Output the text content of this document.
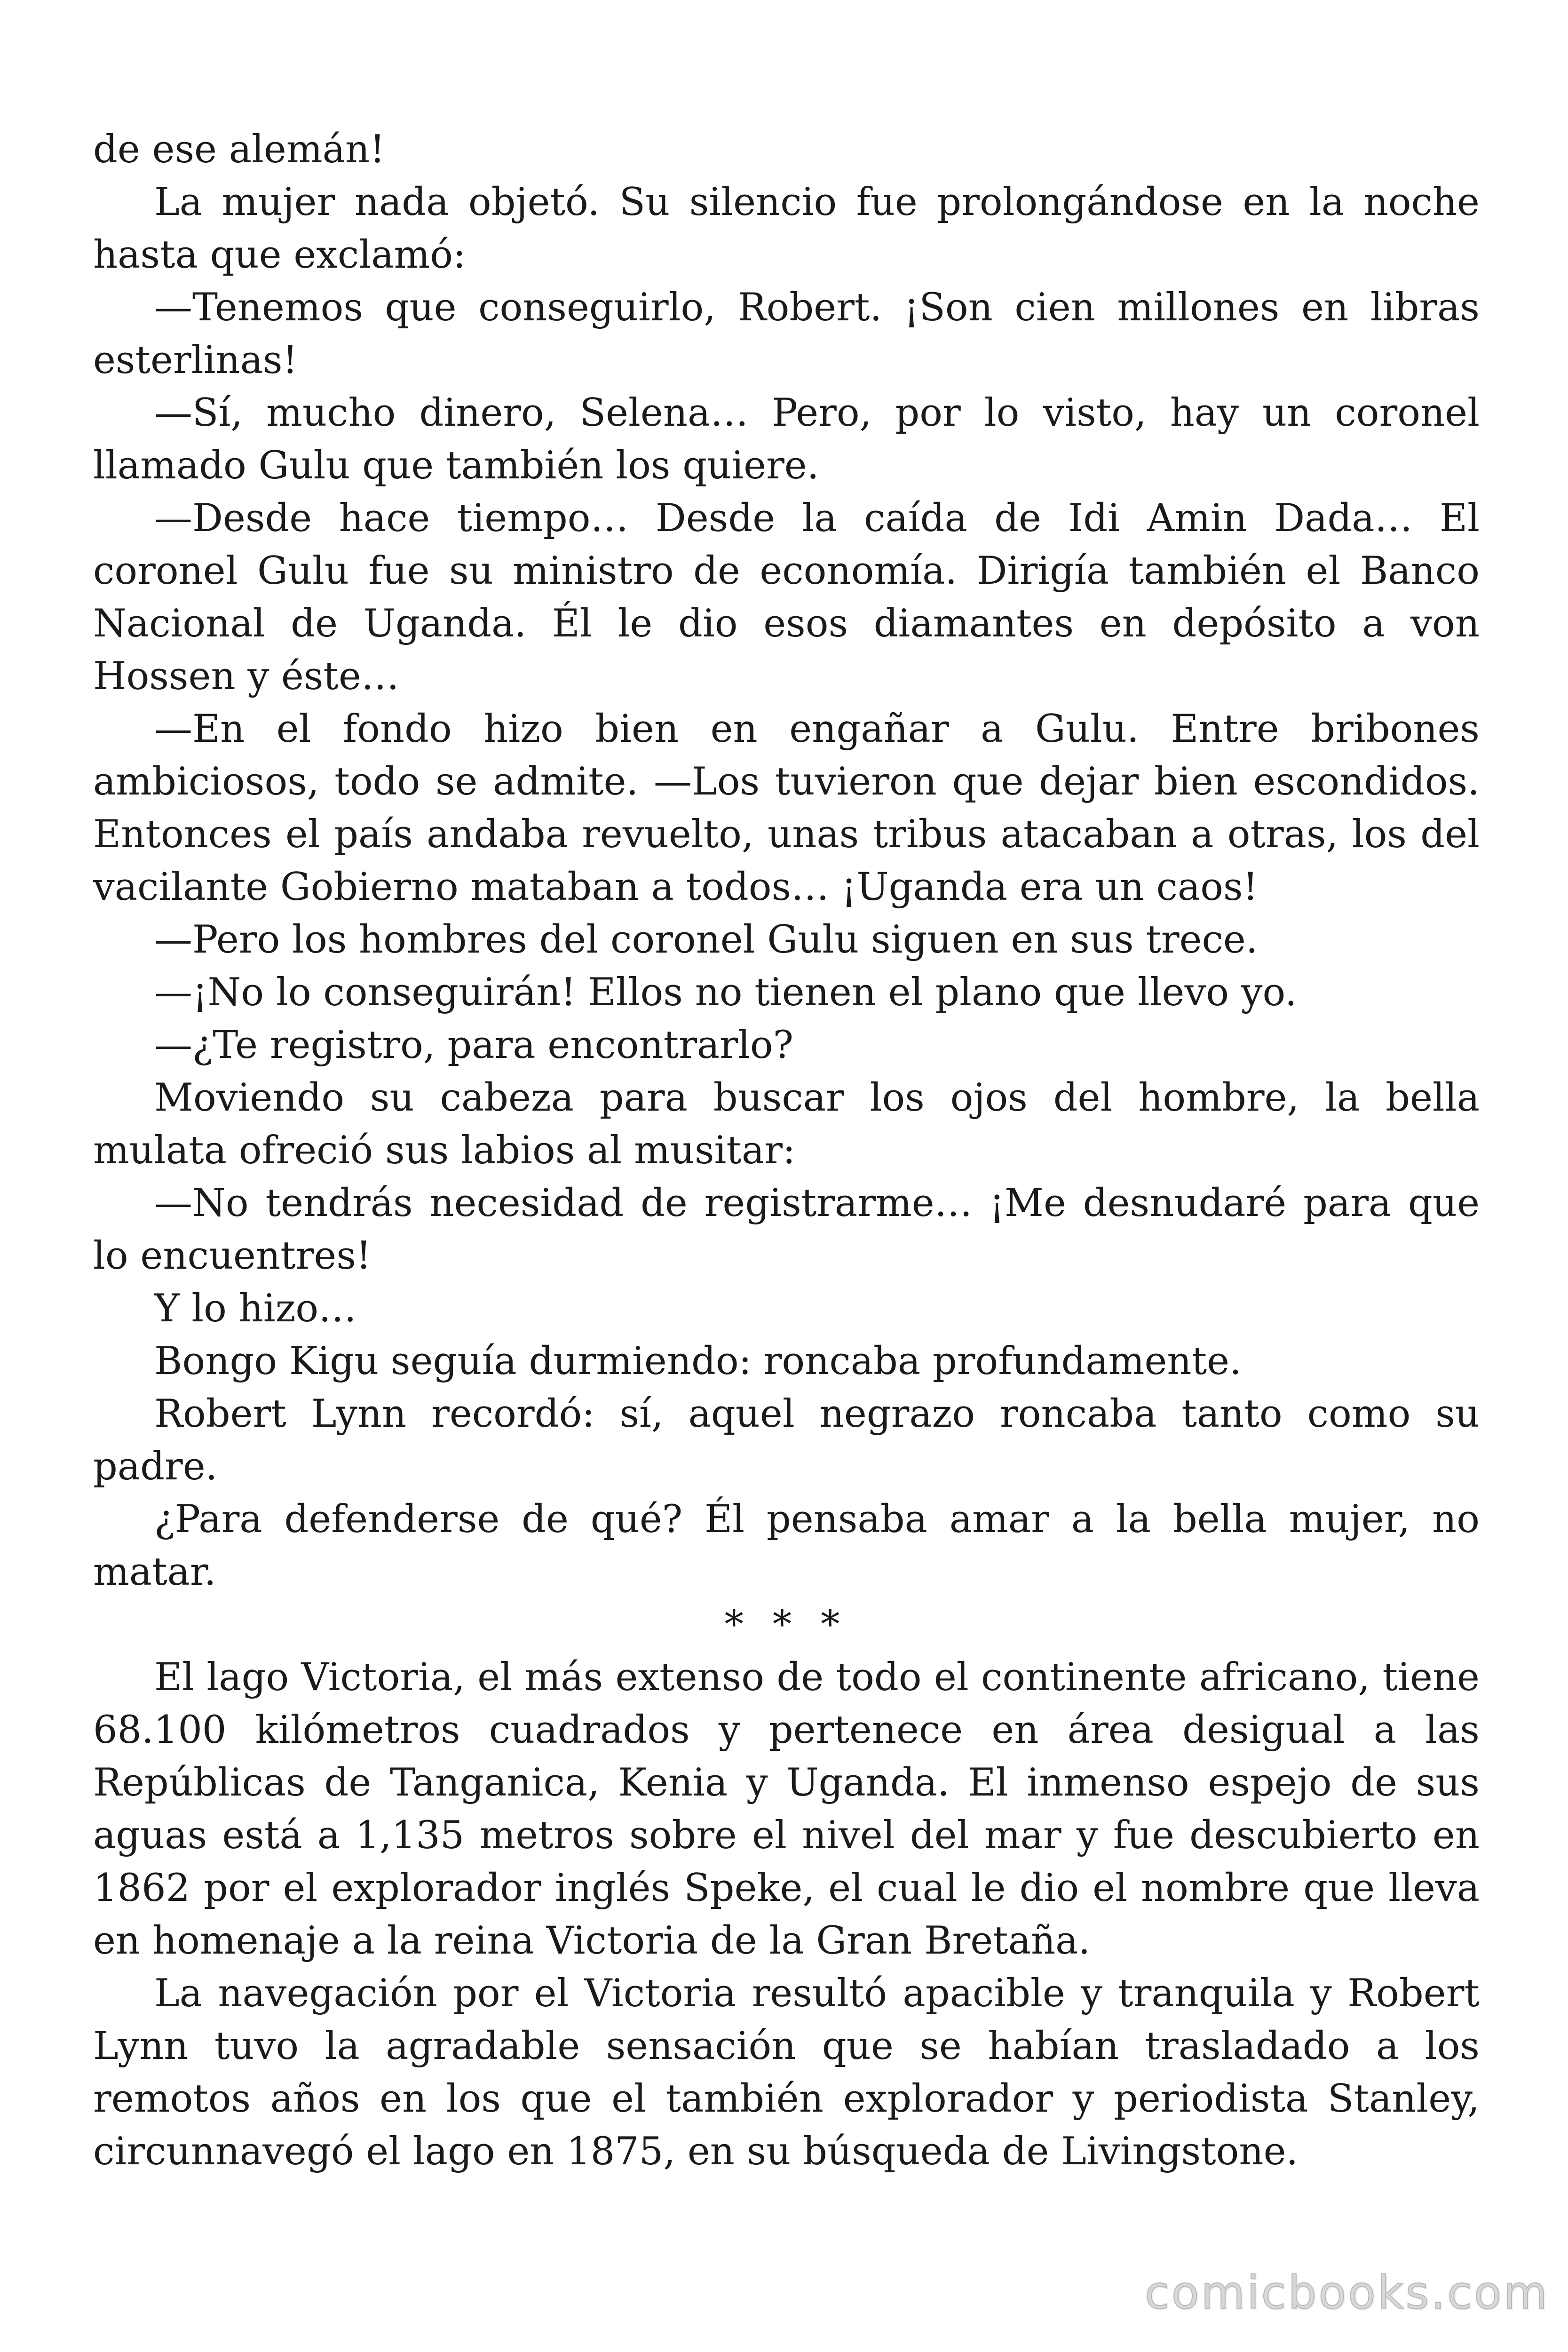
de ese alemán!

La mujer nada objetó. Su silencio fue prolongándose en la noche hasta que exclamó:

—Tenemos que conseguirlo, Robert. ¡Son cien millones en libras esterlinas!

—Sí, mucho dinero, Selena… Pero, por lo visto, hay un coronel llamado Gulu que también los quiere.

—Desde hace tiempo… Desde la caída de Idi Amin Dada… El coronel Gulu fue su ministro de economía. Dirigía también el Banco Nacional de Uganda. Él le dio esos diamantes en depósito a von Hossen y éste…

—En el fondo hizo bien en engañar a Gulu. Entre bribones ambiciosos, todo se admite. —Los tuvieron que dejar bien escondidos. Entonces el país andaba revuelto, unas tribus atacaban a otras, los del vacilante Gobierno mataban a todos… ¡Uganda era un caos!

—Pero los hombres del coronel Gulu siguen en sus trece.

—¡No lo conseguirán! Ellos no tienen el plano que llevo yo.

—¿Te registro, para encontrarlo?

Moviendo su cabeza para buscar los ojos del hombre, la bella mulata ofreció sus labios al musitar:

—No tendrás necesidad de registrarme… ¡Me desnudaré para que lo encuentres!

Y lo hizo…

Bongo Kigu seguía durmiendo: roncaba profundamente.

Robert Lynn recordó: sí, aquel negrazo roncaba tanto como su padre.

¿Para defenderse de qué? Él pensaba amar a la bella mujer, no matar.

* * *

El lago Victoria, el más extenso de todo el continente africano, tiene 68.100 kilómetros cuadrados y pertenece en área desigual a las Repúblicas de Tanganica, Kenia y Uganda. El inmenso espejo de sus aguas está a 1,135 metros sobre el nivel del mar y fue descubierto en 1862 por el explorador inglés Speke, el cual le dio el nombre que lleva en homenaje a la reina Victoria de la Gran Bretaña.

La navegación por el Victoria resultó apacible y tranquila y Robert Lynn tuvo la agradable sensación que se habían trasladado a los remotos años en los que el también explorador y periodista Stanley, circunnavegó el lago en 1875, en su búsqueda de Livingstone.

comicbooks.com
